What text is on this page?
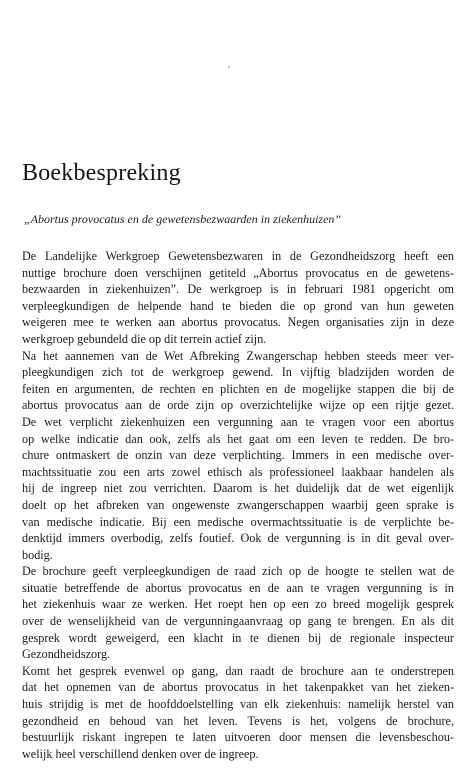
Boekbespreking

„Abortus provocatus en de gewetensbezwaarden in ziekenhuizen”

De Landelijke Werkgroep Gewetensbezwaren in de Gezondheidszorg heeft een
nuttige brochure doen verschijnen getiteld „Abortus provocatus en de gewetens-
bezwaarden in ziekenhuizen”. De werkgroep is in februari 1981 opgericht om
verpleegkundigen de helpende hand te bieden die op grond van hun geweten
weigeren mee te werken aan abortus provocatus. Negen organisaties zijn in deze
werkgroep gebundeld die op dit terrein actief zijn.

Na het aannemen van de Wet Afbreking Zwangerschap hebben steeds meer ver-
pleegkundigen zich tot de werkgroep gewend. In vijftig bladzijden worden de
feiten en argumenten, de rechten en plichten en de mogelijke stappen die bij de
abortus provocatus aan de orde zijn op overzichtelijke wijze op een rijtje gezet.
De wet verplicht ziekenhuizen een vergunning aan te vragen voor een abortus
op welke indicatie dan ook, zelfs als het gaat om een leven te redden. De bro-
chure ontmaskert de onzin van deze verplichting. Immers in een medische over-
machtssituatie zou een arts zowel ethisch als professioneel laakbaar handelen als
hij de ingreep niet zou verrichten. Daarom is het duidelijk dat de wet eigenlijk
doelt op het afbreken van ongewenste zwangerschappen waarbij geen sprake is
van medische indicatie. Bij een medische overmachtssituatie is de verplichte be-
denktijd immers overbodig, zelfs foutief. Ook de vergunning is in dit geval over-
bodig.

De brochure geeft verpleegkundigen de raad zich op de hoogte te stellen wat de
situatie betreffende de abortus provocatus en de aan te vragen vergunning is in
het ziekenhuis waar ze werken. Het roept hen op een zo breed mogelijk gesprek
over de wenselijkheid van de vergunningaanvraag op gang te brengen. En als dit
gesprek wordt geweigerd, een klacht in te dienen bij de regionale inspecteur
Gezondheidszorg.

Komt het gesprek evenwel op gang, dan raadt de brochure aan te onderstrepen
dat het opnemen van de abortus provocatus in het takenpakket van het zieken-
huis strijdig is met de hoofddoelstelling van elk ziekenhuis: namelijk herstel van
gezondheid en behoud van het leven. Tevens is het, volgens de brochure,
bestuurlijk riskant ingrepen te laten uitvoeren door mensen die levensbeschou-
welijk heel verschillend denken over de ingreep.
